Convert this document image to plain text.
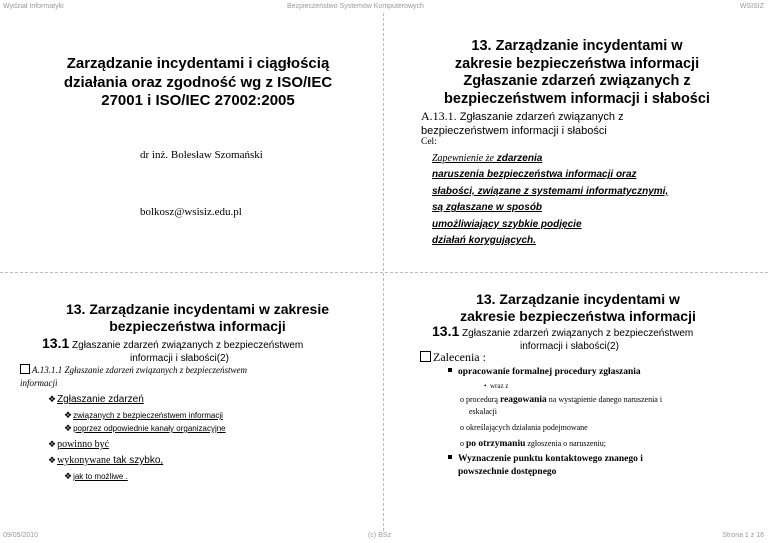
Wydział Informatyki	Bezpieczeństwo Systemów Komputerowych	WSISIZ
Zarządzanie incydentami i ciągłością
działania oraz zgodność wg z ISO/IEC
27001 i ISO/IEC 27002:2005
dr inż. Bolesław Szomański
bolkosz@wsisiz.edu.pl
13. Zarządzanie incydentami w
zakresie bezpieczeństwa informacji
Zgłaszanie zdarzeń związanych z
bezpieczeństwem informacji i słabości
A.13.1. Zgłaszanie zdarzeń związanych z
bezpieczeństwem informacji i słabości
Cel:
Zapewnienie że zdarzenia
naruszenia bezpieczeństwa informacji oraz
słabości, związane z systemami informatycznymi,
są zgłaszane w sposób
umożliwiający szybkie podjęcie
działań korygujących.
13. Zarządzanie incydentami w zakresie
bezpieczeństwa informacji
13.1 Zgłaszanie zdarzeń związanych z bezpieczeństwem
informacji i słabości(2)
A.13.1.1 Zgłaszanie zdarzeń związanych z bezpieczeństwem
informacji
❖Zgłaszanie zdarzeń
❖związanych z bezpieczeństwem informacji
❖poprzez odpowiednie kanały organizacyjne
❖powinno być
❖wykonywane tak szybko,
❖jak to możliwe .
13. Zarządzanie incydentami w
zakresie bezpieczeństwa informacji
13.1 Zgłaszanie zdarzeń związanych z bezpieczeństwem
informacji i słabości(2)
Zalecenia :
opracowanie formalnej procedury zgłaszania
•  wraz z
o procedurą reagowania na wystąpienie danego naruszenia i
eskalacji
o określających działania podejmowane
o po otrzymaniu zgłoszenia o naruszeniu;
Wyznaczenie punktu kontaktowego znanego i
powszechnie dostępnego
09/05/2010	(c) BSz	Strona 1 z 16
